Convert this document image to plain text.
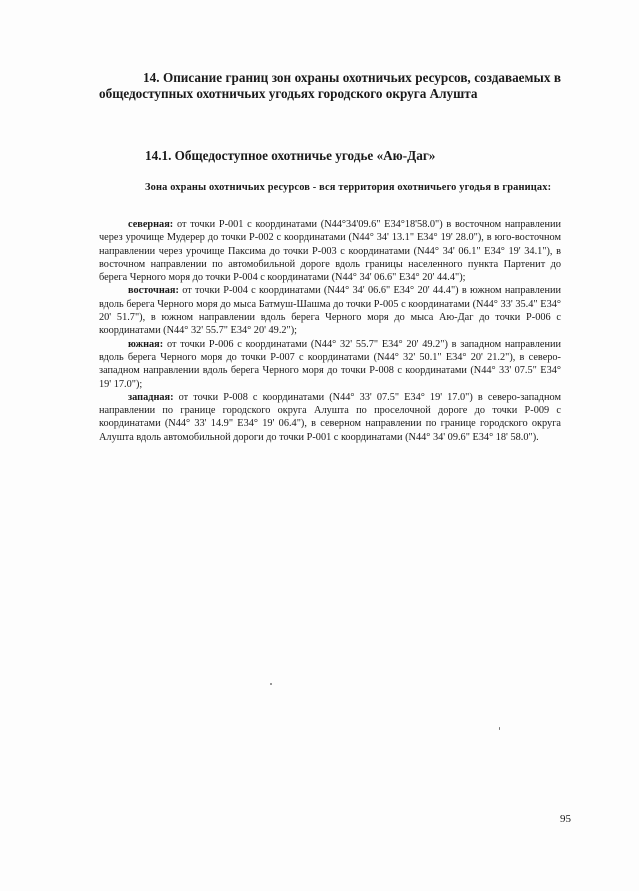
14. Описание границ зон охраны охотничьих ресурсов, создаваемых в общедоступных охотничьих угодьях городского округа Алушта
14.1. Общедоступное охотничье угодье «Аю-Даг»
Зона охраны охотничьих ресурсов - вся территория охотничьего угодья в границах:

северная: от точки Р-001 с координатами (N44°34'09.6" E34°18'58.0") в восточном направлении через урочище Мудерер до точки Р-002 с координатами (N44° 34' 13.1" E34° 19' 28.0"), в юго-восточном направлении через урочище Паксима до точки Р-003 с координатами (N44° 34' 06.1" E34° 19' 34.1"), в восточном направлении по автомобильной дороге вдоль границы населенного пункта Партенит до берега Черного моря до точки Р-004 с координатами (N44° 34' 06.6" E34° 20' 44.4");

восточная: от точки Р-004 с координатами (N44° 34' 06.6" E34° 20' 44.4") в южном направлении вдоль берега Черного моря до мыса Батмуш-Шашма до точки Р-005 с координатами (N44° 33' 35.4" E34° 20' 51.7"), в южном направлении вдоль берега Черного моря до мыса Аю-Даг до точки Р-006 с координатами (N44° 32' 55.7" E34° 20' 49.2");

южная: от точки Р-006 с координатами (N44° 32' 55.7" E34° 20' 49.2") в западном направлении вдоль берега Черного моря до точки Р-007 с координатами (N44° 32' 50.1" E34° 20' 21.2"), в северо-западном направлении вдоль берега Черного моря до точки Р-008 с координатами (N44° 33' 07.5" E34° 19' 17.0");

западная: от точки Р-008 с координатами (N44° 33' 07.5" E34° 19' 17.0") в северо-западном направлении по границе городского округа Алушта по проселочной дороге до точки Р-009 с координатами (N44° 33' 14.9" E34° 19' 06.4"), в северном направлении по границе городского округа Алушта вдоль автомобильной дороги до точки Р-001 с координатами (N44° 34' 09.6" E34° 18' 58.0").

95
